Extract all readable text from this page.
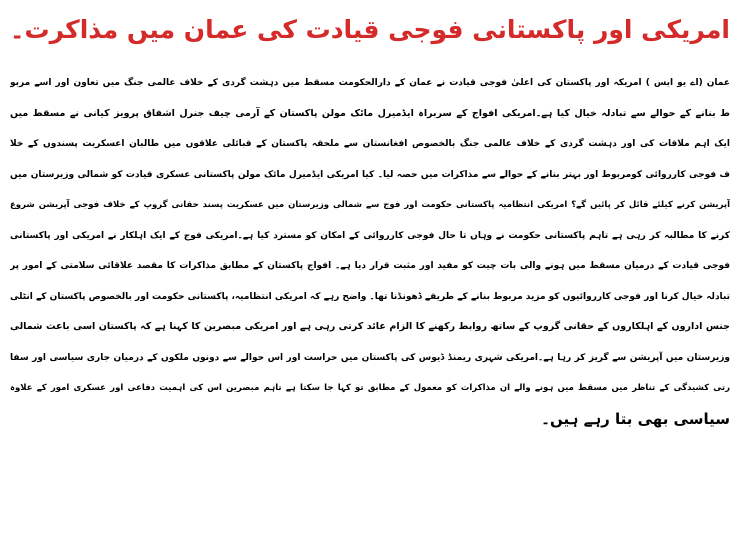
امریکی اور پاکستانی فوجی قیادت کی عمان میں مذاکرت۔
عمان (اے یو ایس ) امریکہ اور پاکستان کی اعلیٰ فوجی قیادت نے عمان کے دارالحکومت مسقط میں دہشت گردی کے خلاف عالمی جنگ میں تعاون اور اسے مربو
ط بنانے کے حوالے سے تبادلہ خیال کیا ہے۔امریکی افواج کے سربراہ ایڈمیرل مائک مولن پاکستان کے آرمی چیف جنرل اشفاق پرویز کیانی نے مسقط میں
ایک اہم ملاقات کی اور دہشت گردی کے خلاف عالمی جنگ بالخصوص افغانستان سے ملحقہ پاکستان کے قبائلی علاقوں میں طالبان اعسکریت پسندوں کے خلا
ف فوجی کارروائی کومربوط اور بہتر بنانے کے حوالے سے مذاکرات میں حصہ لیا۔ کیا امریکی ایڈمیرل مائک مولن پاکستانی عسکری قیادت کو شمالی وزیرستان میں
آپریشن کرنے کیلئے قائل کر پائیں گے؟ امریکی انتظامیہ پاکستانی حکومت اور فوج سے شمالی وزیرستان میں عسکریت پسند حقانی گروپ کے خلاف فوجی آپریشن شروع
کرنے کا مطالبہ کر رہی ہے تاہم پاکستانی حکومت نے وہاں تا حال فوجی کارروائی کے امکان کو مسترد کیا ہے۔امریکی فوج کے ایک اہلکار نے امریکی اور پاکستانی
فوجی قیادت کے درمیان مسقط میں ہونے والی بات چیت کو مفید اور مثبت قرار دیا ہے۔ افواج پاکستان کے مطابق مذاکرات کا مقصد علاقائی سلامتی کے امور پر
تبادلہ خیال کرنا اور فوجی کارروائیوں کو مزید مربوط بنانے کے طریقے ڈھونڈنا تھا۔ واضح رہے کہ امریکی انتظامیہ، پاکستانی حکومت اور بالخصوص پاکستان کے انٹلی
جنس اداروں کے اہلکاروں کے حقانی گروپ کے ساتھ روابط رکھنے کا الزام عائد کرتی رہی ہے اور امریکی مبصرین کا کہنا ہے کہ پاکستان اسی باعث شمالی
وزیرستان میں آپریشن سے گریز کر رہا ہے۔امریکی شہری ریمنڈ ڈیوس کی پاکستان میں حراست اور اس حوالے سے دونوں ملکوں کے درمیان جاری سیاسی اور سفا
رتی کشیدگی کے تناظر میں مسقط میں ہونے والے ان مذاکرات کو معمول کے مطابق تو کہا جا سکتا ہے تاہم مبصرین اس کی اہمیت دفاعی اور عسکری امور کے علاوہ
سیاسی بھی بتا رہے ہیں۔
